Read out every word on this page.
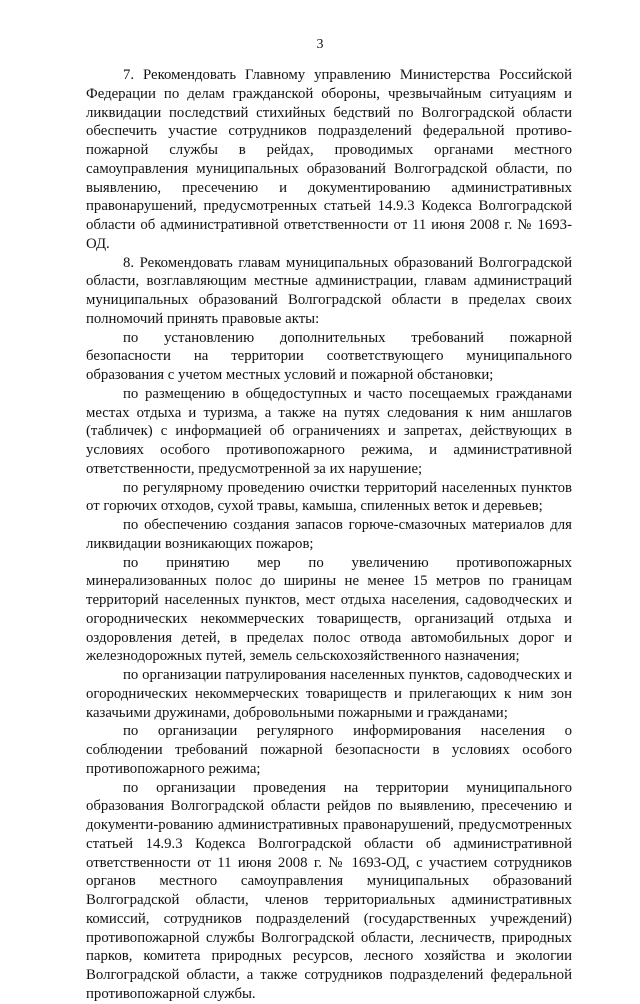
3

7. Рекомендовать Главному управлению Министерства Российской Федерации по делам гражданской обороны, чрезвычайным ситуациям и ликвидации последствий стихийных бедствий по Волгоградской области обеспечить участие сотрудников подразделений федеральной противо-пожарной службы в рейдах, проводимых органами местного самоуправления муниципальных образований Волгоградской области, по выявлению, пресечению и документированию административных правонарушений, предусмотренных статьей 14.9.3 Кодекса Волгоградской области об административной ответственности от 11 июня 2008 г. № 1693-ОД.

8. Рекомендовать главам муниципальных образований Волгоградской области, возглавляющим местные администрации, главам администраций муниципальных образований Волгоградской области в пределах своих полномочий принять правовые акты:

по установлению дополнительных требований пожарной безопасности на территории соответствующего муниципального образования с учетом местных условий и пожарной обстановки;

по размещению в общедоступных и часто посещаемых гражданами местах отдыха и туризма, а также на путях следования к ним аншлагов (табличек) с информацией об ограничениях и запретах, действующих в условиях особого противопожарного режима, и административной ответственности, предусмотренной за их нарушение;

по регулярному проведению очистки территорий населенных пунктов от горючих отходов, сухой травы, камыша, спиленных веток и деревьев;

по обеспечению создания запасов горюче-смазочных материалов для ликвидации возникающих пожаров;

по принятию мер по увеличению противопожарных минерализованных полос до ширины не менее 15 метров по границам территорий населенных пунктов, мест отдыха населения, садоводческих и огороднических некоммерческих товариществ, организаций отдыха и оздоровления детей, в пределах полос отвода автомобильных дорог и железнодорожных путей, земель сельскохозяйственного назначения;

по организации патрулирования населенных пунктов, садоводческих и огороднических некоммерческих товариществ и прилегающих к ним зон казачьими дружинами, добровольными пожарными и гражданами;

по организации регулярного информирования населения о соблюдении требований пожарной безопасности в условиях особого противопожарного режима;

по организации проведения на территории муниципального образования Волгоградской области рейдов по выявлению, пресечению и документи-рованию административных правонарушений, предусмотренных статьей 14.9.3 Кодекса Волгоградской области об административной ответственности от 11 июня 2008 г. № 1693-ОД, с участием сотрудников органов местного самоуправления муниципальных образований Волгоградской области, членов территориальных административных комиссий, сотрудников подразделений (государственных учреждений) противопожарной службы Волгоградской области, лесничеств, природных парков, комитета природных ресурсов, лесного хозяйства и экологии Волгоградской области, а также сотрудников подразделений федеральной противопожарной службы.
